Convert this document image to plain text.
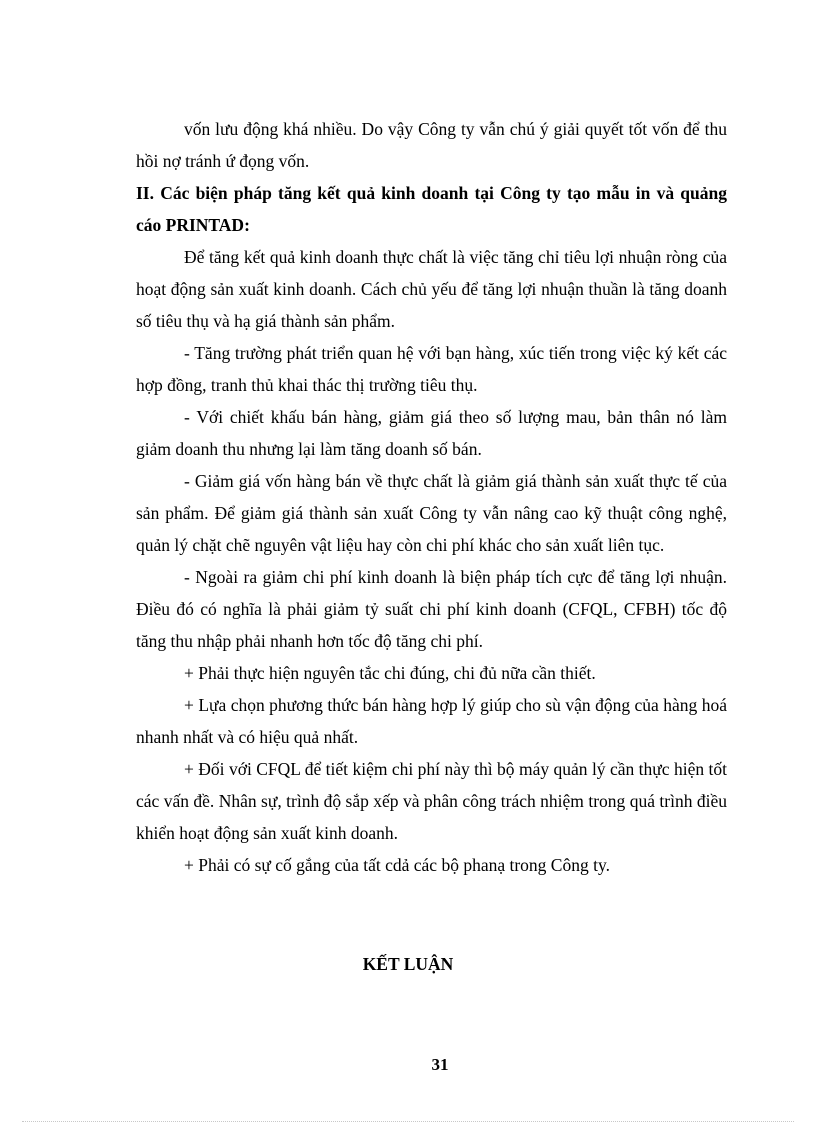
vốn lưu động khá nhiều. Do vậy Công ty vẫn chú ý giải quyết tốt vốn để thu hồi nợ tránh ứ đọng vốn.

II. Các biện pháp tăng kết quả kinh doanh tại Công ty tạo mẫu in và quảng cáo PRINTAD:

Để tăng kết quả kinh doanh thực chất là việc tăng chỉ tiêu lợi nhuận ròng của hoạt động sản xuất kinh doanh. Cách chủ yếu để tăng lợi nhuận thuần là tăng doanh số tiêu thụ và hạ giá thành sản phẩm.

- Tăng trường phát triển quan hệ với bạn hàng, xúc tiến trong việc ký kết các hợp đồng, tranh thủ khai thác thị trường tiêu thụ.

- Với chiết khấu bán hàng, giảm giá theo số lượng mau, bản thân nó làm giảm doanh thu nhưng lại làm tăng doanh số bán.

- Giảm giá vốn hàng bán về thực chất là giảm giá thành sản xuất thực tế của sản phẩm. Để giảm giá thành sản xuất Công ty vẫn nâng cao kỹ thuật công nghệ, quản lý chặt chẽ nguyên vật liệu hay còn chi phí khác cho sản xuất liên tục.

- Ngoài ra giảm chi phí kinh doanh là biện pháp tích cực để tăng lợi nhuận. Điều đó có nghĩa là phải giảm tỷ suất chi phí kinh doanh (CFQL, CFBH) tốc độ tăng thu nhập phải nhanh hơn tốc độ tăng chi phí.

+ Phải thực hiện nguyên tắc chi đúng, chi đủ nữa cần thiết.

+ Lựa chọn phương thức bán hàng hợp lý giúp cho sù vận động của hàng hoá nhanh nhất và có hiệu quả nhất.

+ Đối với CFQL để tiết kiệm chi phí này thì bộ máy quản lý cần thực hiện tốt các vấn đề. Nhân sự, trình độ sắp xếp và phân công trách nhiệm trong quá trình điều khiển hoạt động sản xuất kinh doanh.

+ Phải có sự cố gắng của tất cdả các bộ phanạ trong Công ty.

KẾT LUẬN
31
